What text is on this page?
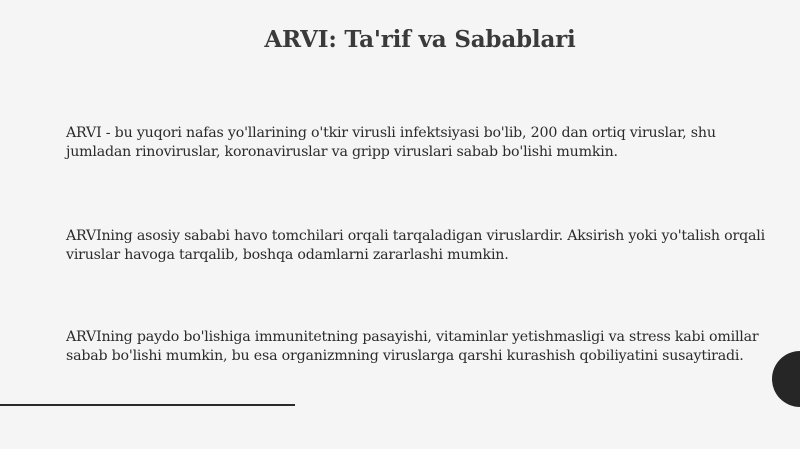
ARVI: Ta'rif va Sabablari

ARVI - bu yuqori nafas yo'llarining o'tkir virusli infektsiyasi bo'lib, 200 dan ortiq viruslar, shu jumladan rinoviruslar, koronaviruslar va gripp viruslari sabab bo'lishi mumkin.

ARVIning asosiy sababi havo tomchilari orqali tarqaladigan viruslardir. Aksirish yoki yo'talish orqali viruslar havoga tarqalib, boshqa odamlarni zararlashi mumkin.

ARVIning paydo bo'lishiga immunitetning pasayishi, vitaminlar yetishmasligi va stress kabi omillar sabab bo'lishi mumkin, bu esa organizmning viruslarga qarshi kurashish qobiliyatini susaytiradi.
